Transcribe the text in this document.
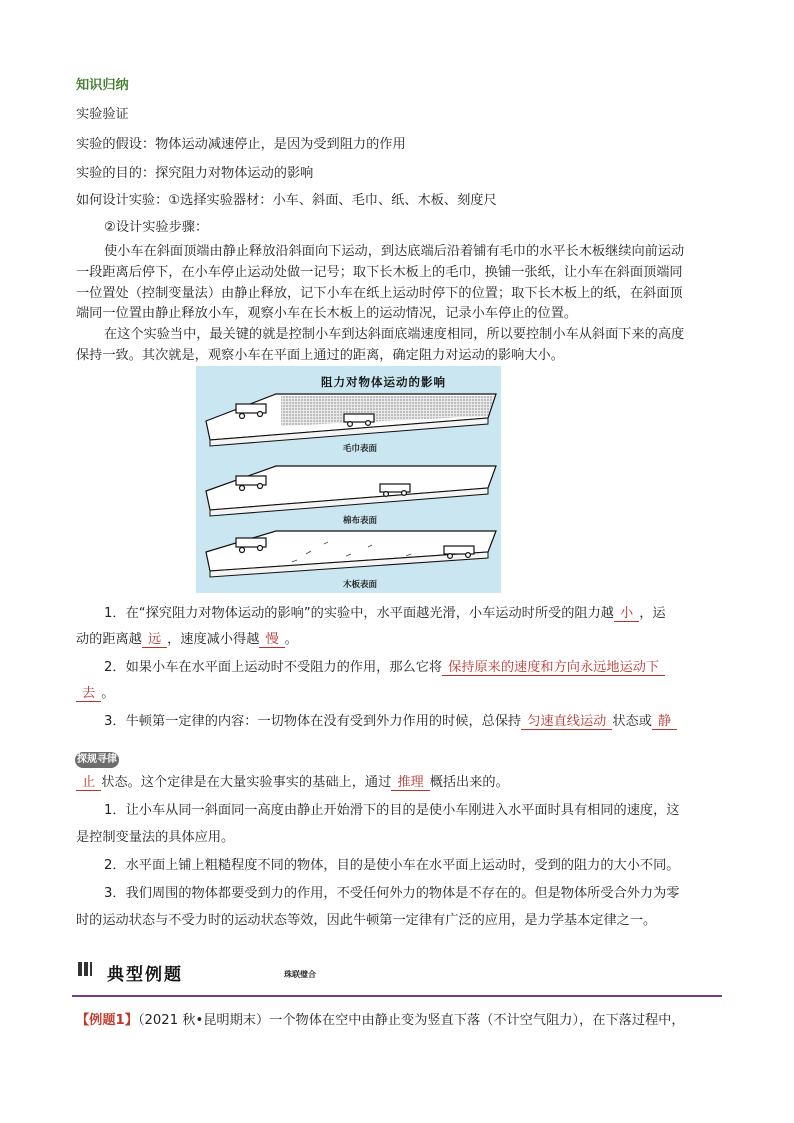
知识归纳
实验验证
实验的假设：物体运动减速停止，是因为受到阻力的作用
实验的目的：探究阻力对物体运动的影响
如何设计实验：①选择实验器材：小车、斜面、毛巾、纸、木板、刻度尺
②设计实验步骤：
使小车在斜面顶端由静止释放沿斜面向下运动，到达底端后沿着铺有毛巾的水平长木板继续向前运动
一段距离后停下，在小车停止运动处做一记号；取下长木板上的毛巾，换铺一张纸，让小车在斜面顶端同
一位置处（控制变量法）由静止释放，记下小车在纸上运动时停下的位置；取下长木板上的纸，在斜面顶
端同一位置由静止释放小车，观察小车在长木板上的运动情况，记录小车停止的位置。
在这个实验当中，最关键的就是控制小车到达斜面底端速度相同，所以要控制小车从斜面下来的高度
保持一致。其次就是，观察小车在平面上通过的距离，确定阻力对运动的影响大小。
阻力对物体运动的影响
毛巾表面
棉布表面
木板表面
1．在“探究阻力对物体运动的影响”的实验中，水平面越光滑，小车运动时所受的阻力越 小 ，运
动的距离越 远 ，速度减小得越 慢 。
2．如果小车在水平面上运动时不受阻力的作用，那么它将 保持原来的速度和方向永远地运动下
去 。
3．牛顿第一定律的内容：一切物体在没有受到外力作用的时候，总保持 匀速直线运动 状态或 静
探规寻律
止 状态。这个定律是在大量实验事实的基础上，通过 推理 概括出来的。
1．让小车从同一斜面同一高度由静止开始滑下的目的是使小车刚进入水平面时具有相同的速度，这
是控制变量法的具体应用。
2．水平面上铺上粗糙程度不同的物体，目的是使小车在水平面上运动时，受到的阻力的大小不同。
3．我们周围的物体都要受到力的作用，不受任何外力的物体是不存在的。但是物体所受合外力为零
时的运动状态与不受力时的运动状态等效，因此牛顿第一定律有广泛的应用，是力学基本定律之一。
典型例题	珠联璧合
【例题1】（2021 秋•昆明期末）一个物体在空中由静止变为竖直下落（不计空气阻力），在下落过程中，
